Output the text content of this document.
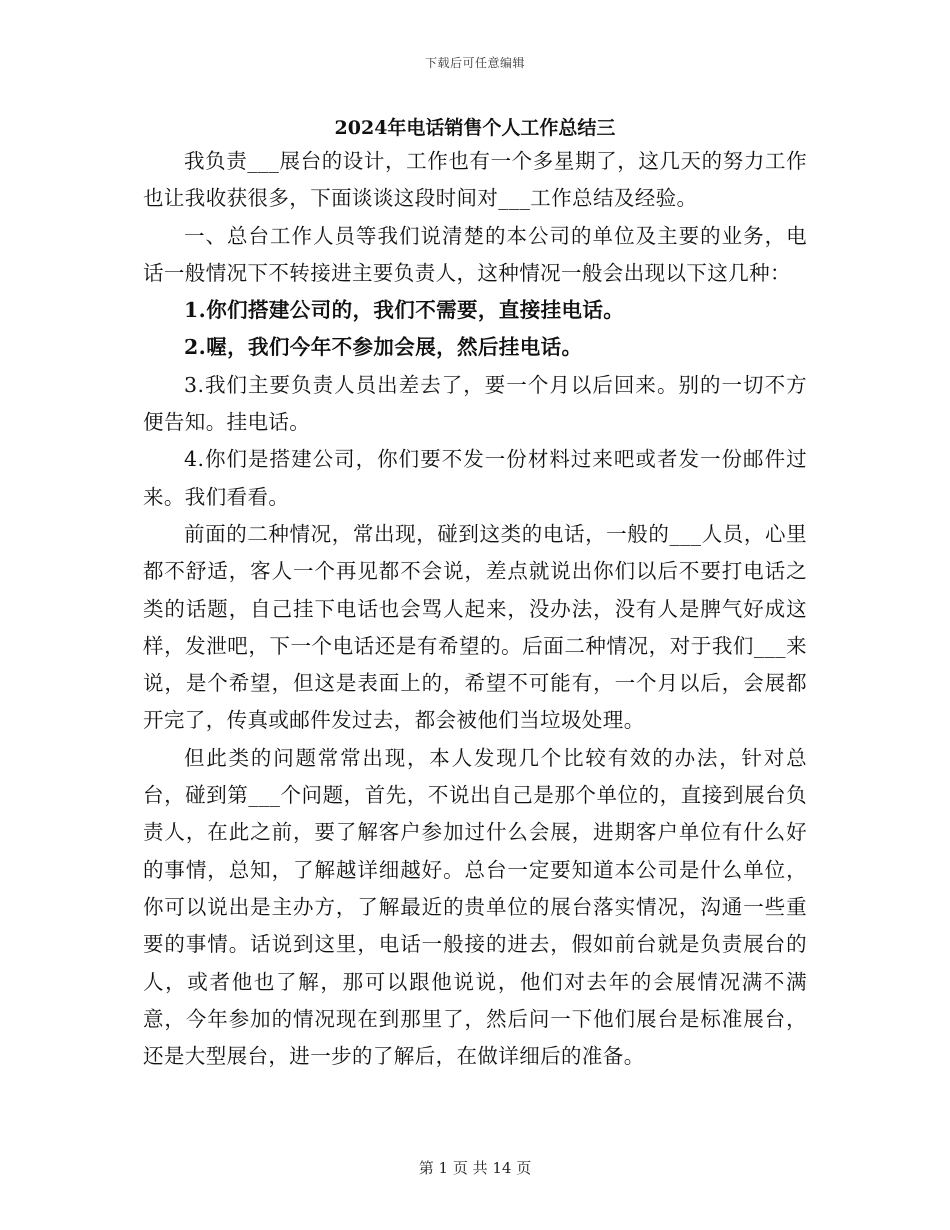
下载后可任意编辑
2024年电话销售个人工作总结三

我负责___展台的设计，工作也有一个多星期了，这几天的努力工作也让我收获很多，下面谈谈这段时间对___工作总结及经验。

一、总台工作人员等我们说清楚的本公司的单位及主要的业务，电话一般情况下不转接进主要负责人，这种情况一般会出现以下这几种：

1.你们搭建公司的，我们不需要，直接挂电话。

2.喔，我们今年不参加会展，然后挂电话。

3.我们主要负责人员出差去了，要一个月以后回来。别的一切不方便告知。挂电话。

4.你们是搭建公司，你们要不发一份材料过来吧或者发一份邮件过来。我们看看。

前面的二种情况，常出现，碰到这类的电话，一般的___人员，心里都不舒适，客人一个再见都不会说，差点就说出你们以后不要打电话之类的话题，自己挂下电话也会骂人起来，没办法，没有人是脾气好成这样，发泄吧，下一个电话还是有希望的。后面二种情况，对于我们___来说，是个希望，但这是表面上的，希望不可能有，一个月以后，会展都开完了，传真或邮件发过去，都会被他们当垃圾处理。

但此类的问题常常出现，本人发现几个比较有效的办法，针对总台，碰到第___个问题，首先，不说出自己是那个单位的，直接到展台负责人，在此之前，要了解客户参加过什么会展，进期客户单位有什么好的事情，总知，了解越详细越好。总台一定要知道本公司是什么单位，你可以说出是主办方，了解最近的贵单位的展台落实情况，沟通一些重要的事情。话说到这里，电话一般接的进去，假如前台就是负责展台的人，或者他也了解，那可以跟他说说，他们对去年的会展情况满不满意，今年参加的情况现在到那里了，然后问一下他们展台是标准展台，还是大型展台，进一步的了解后，在做详细后的准备。

第 1 页 共 14 页
